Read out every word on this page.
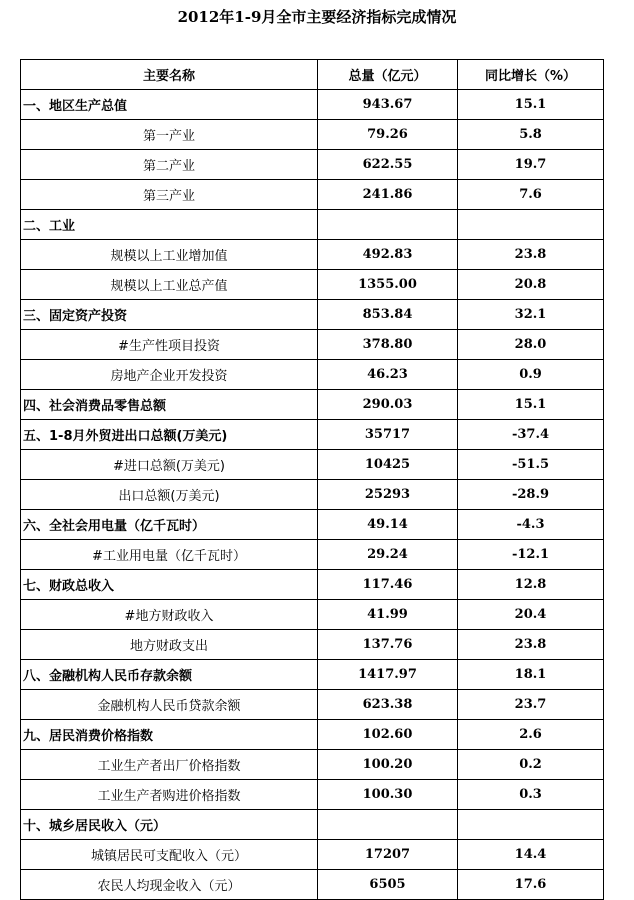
2012年1-9月全市主要经济指标完成情况
主要名称	总量（亿元）	同比增长（%）
一、地区生产总值	943.67	15.1
第一产业	79.26	5.8
第二产业	622.55	19.7
第三产业	241.86	7.6
二、工业		
规模以上工业增加值	492.83	23.8
规模以上工业总产值	1355.00	20.8
三、固定资产投资	853.84	32.1
#生产性项目投资	378.80	28.0
房地产企业开发投资	46.23	0.9
四、社会消费品零售总额	290.03	15.1
五、1-8月外贸进出口总额(万美元)	35717	-37.4
#进口总额(万美元)	10425	-51.5
出口总额(万美元)	25293	-28.9
六、全社会用电量（亿千瓦时）	49.14	-4.3
#工业用电量（亿千瓦时）	29.24	-12.1
七、财政总收入	117.46	12.8
#地方财政收入	41.99	20.4
地方财政支出	137.76	23.8
八、金融机构人民币存款余额	1417.97	18.1
金融机构人民币贷款余额	623.38	23.7
九、居民消费价格指数	102.60	2.6
工业生产者出厂价格指数	100.20	0.2
工业生产者购进价格指数	100.30	0.3
十、城乡居民收入（元）		
城镇居民可支配收入（元）	17207	14.4
农民人均现金收入（元）	6505	17.6
